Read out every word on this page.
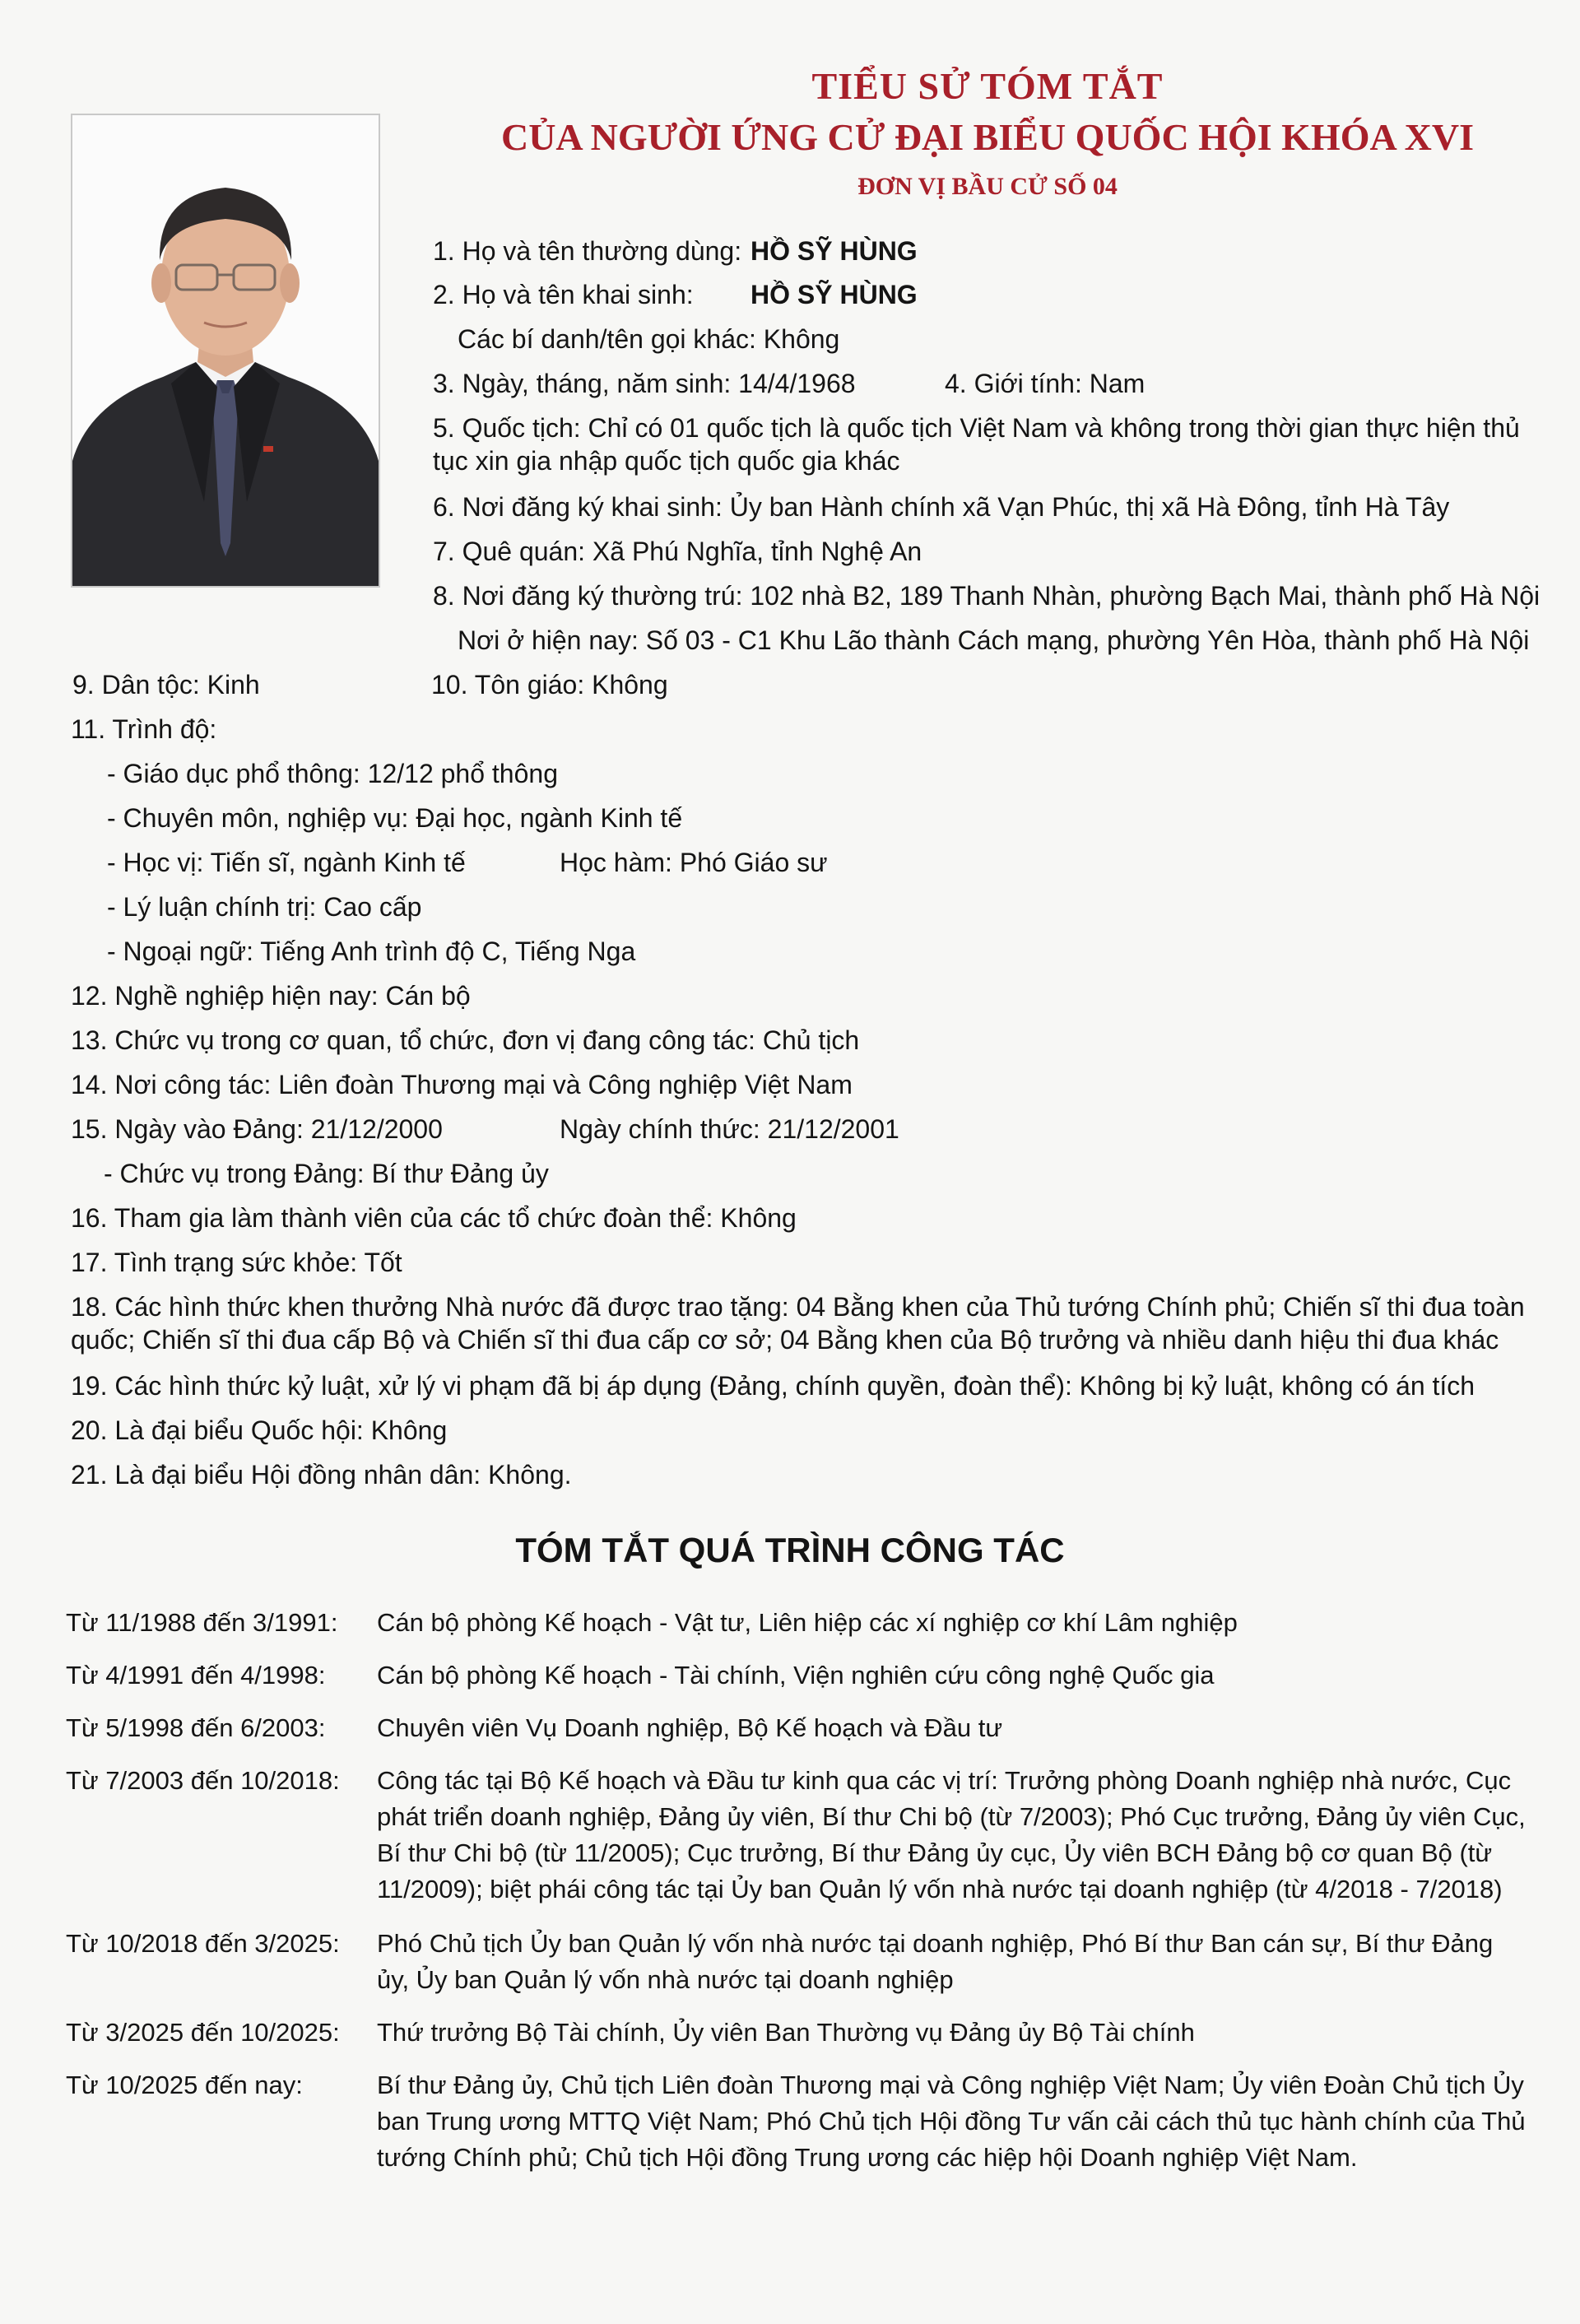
TIỂU SỬ TÓM TẮT
CỦA NGƯỜI ỨNG CỬ ĐẠI BIỂU QUỐC HỘI KHÓA XVI
ĐƠN VỊ BẦU CỬ SỐ 04
1. Họ và tên thường dùng: HỒ SỸ HÙNG
2. Họ và tên khai sinh: HỒ SỸ HÙNG
Các bí danh/tên gọi khác: Không
3. Ngày, tháng, năm sinh: 14/4/1968	4. Giới tính: Nam
5. Quốc tịch: Chỉ có 01 quốc tịch là quốc tịch Việt Nam và không trong thời gian thực hiện thủ tục xin gia nhập quốc tịch quốc gia khác
6. Nơi đăng ký khai sinh: Ủy ban Hành chính xã Vạn Phúc, thị xã Hà Đông, tỉnh Hà Tây
7. Quê quán: Xã Phú Nghĩa, tỉnh Nghệ An
8. Nơi đăng ký thường trú: 102 nhà B2, 189 Thanh Nhàn, phường Bạch Mai, thành phố Hà Nội
Nơi ở hiện nay: Số 03 - C1 Khu Lão thành Cách mạng, phường Yên Hòa, thành phố Hà Nội
9. Dân tộc: Kinh	10. Tôn giáo: Không
11. Trình độ:
- Giáo dục phổ thông: 12/12 phổ thông
- Chuyên môn, nghiệp vụ: Đại học, ngành Kinh tế
- Học vị: Tiến sĩ, ngành Kinh tế	Học hàm: Phó Giáo sư
- Lý luận chính trị: Cao cấp
- Ngoại ngữ: Tiếng Anh trình độ C, Tiếng Nga
12. Nghề nghiệp hiện nay: Cán bộ
13. Chức vụ trong cơ quan, tổ chức, đơn vị đang công tác: Chủ tịch
14. Nơi công tác: Liên đoàn Thương mại và Công nghiệp Việt Nam
15. Ngày vào Đảng: 21/12/2000	Ngày chính thức: 21/12/2001
- Chức vụ trong Đảng: Bí thư Đảng ủy
16. Tham gia làm thành viên của các tổ chức đoàn thể: Không
17. Tình trạng sức khỏe: Tốt
18. Các hình thức khen thưởng Nhà nước đã được trao tặng: 04 Bằng khen của Thủ tướng Chính phủ; Chiến sĩ thi đua toàn quốc; Chiến sĩ thi đua cấp Bộ và Chiến sĩ thi đua cấp cơ sở; 04 Bằng khen của Bộ trưởng và nhiều danh hiệu thi đua khác
19. Các hình thức kỷ luật, xử lý vi phạm đã bị áp dụng (Đảng, chính quyền, đoàn thể): Không bị kỷ luật, không có án tích
20. Là đại biểu Quốc hội: Không
21. Là đại biểu Hội đồng nhân dân: Không.
TÓM TẮT QUÁ TRÌNH CÔNG TÁC
Từ 11/1988 đến 3/1991: Cán bộ phòng Kế hoạch - Vật tư, Liên hiệp các xí nghiệp cơ khí Lâm nghiệp
Từ 4/1991 đến 4/1998: Cán bộ phòng Kế hoạch - Tài chính, Viện nghiên cứu công nghệ Quốc gia
Từ 5/1998 đến 6/2003: Chuyên viên Vụ Doanh nghiệp, Bộ Kế hoạch và Đầu tư
Từ 7/2003 đến 10/2018: Công tác tại Bộ Kế hoạch và Đầu tư kinh qua các vị trí: Trưởng phòng Doanh nghiệp nhà nước, Cục phát triển doanh nghiệp, Đảng ủy viên, Bí thư Chi bộ (từ 7/2003); Phó Cục trưởng, Đảng ủy viên Cục, Bí thư Chi bộ (từ 11/2005); Cục trưởng, Bí thư Đảng ủy cục, Ủy viên BCH Đảng bộ cơ quan Bộ (từ 11/2009); biệt phái công tác tại Ủy ban Quản lý vốn nhà nước tại doanh nghiệp (từ 4/2018 - 7/2018)
Từ 10/2018 đến 3/2025: Phó Chủ tịch Ủy ban Quản lý vốn nhà nước tại doanh nghiệp, Phó Bí thư Ban cán sự, Bí thư Đảng ủy, Ủy ban Quản lý vốn nhà nước tại doanh nghiệp
Từ 3/2025 đến 10/2025: Thứ trưởng Bộ Tài chính, Ủy viên Ban Thường vụ Đảng ủy Bộ Tài chính
Từ 10/2025 đến nay:	Bí thư Đảng ủy, Chủ tịch Liên đoàn Thương mại và Công nghiệp Việt Nam; Ủy viên Đoàn Chủ tịch Ủy ban Trung ương MTTQ Việt Nam; Phó Chủ tịch Hội đồng Tư vấn cải cách thủ tục hành chính của Thủ tướng Chính phủ; Chủ tịch Hội đồng Trung ương các hiệp hội Doanh nghiệp Việt Nam.
